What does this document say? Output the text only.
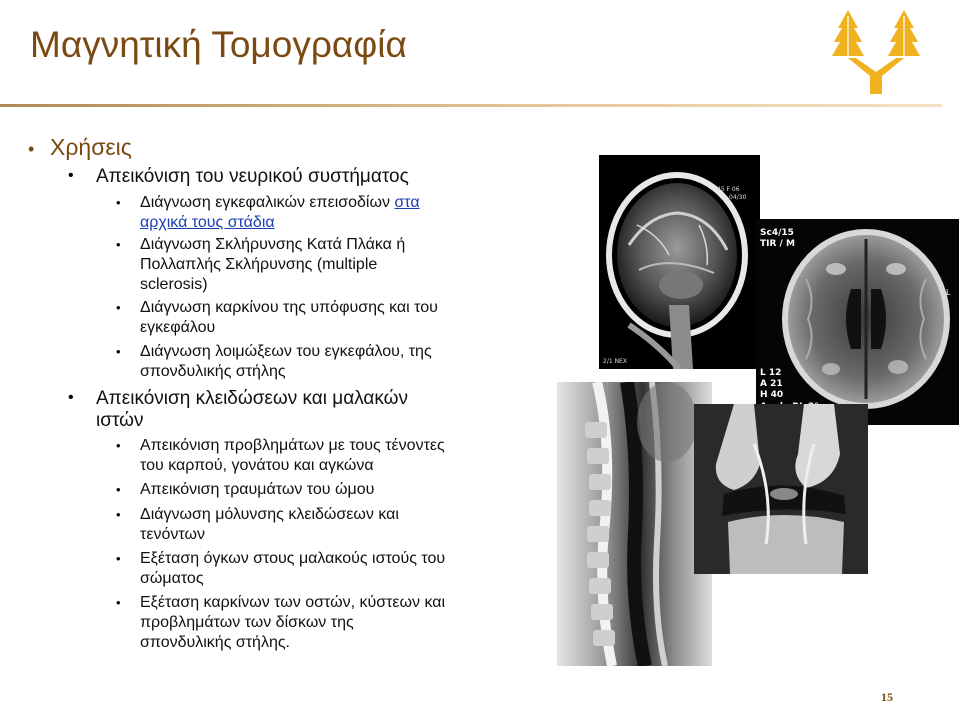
Μαγνητική Τομογραφία
• Χρήσεις

• Απεικόνιση του νευρικού συστήματος

• Διάγνωση εγκεφαλικών επεισοδίων στα

αρχικά τους στάδια

• Διάγνωση Σκλήρυνσης Κατά Πλάκα ή

Πολλαπλής Σκλήρυνσης (multiple

sclerosis)

• Διάγνωση καρκίνου της υπόφυσης και του

εγκεφάλου

• Διάγνωση λοιμώξεων του εγκεφάλου, της

σπονδυλικής στήλης

• Απεικόνιση κλειδώσεων και μαλακών

ιστών

• Απεικόνιση προβλημάτων με τους τένοντες

του καρπού, γονάτου και αγκώνα

• Απεικόνιση τραυμάτων του ώμου

• Διάγνωση μόλυνσης κλειδώσεων και

τενόντων

• Εξέταση όγκων στους μαλακούς ιστούς του

σώματος

• Εξέταση καρκίνων των οστών, κύστεων και

προβλημάτων των δίσκων της

σπονδυλικής στήλης.

45 F 06
04/30
2/1 NEX
Sc4/15
TIR / M
L
L 12
A 21
H 40
15
